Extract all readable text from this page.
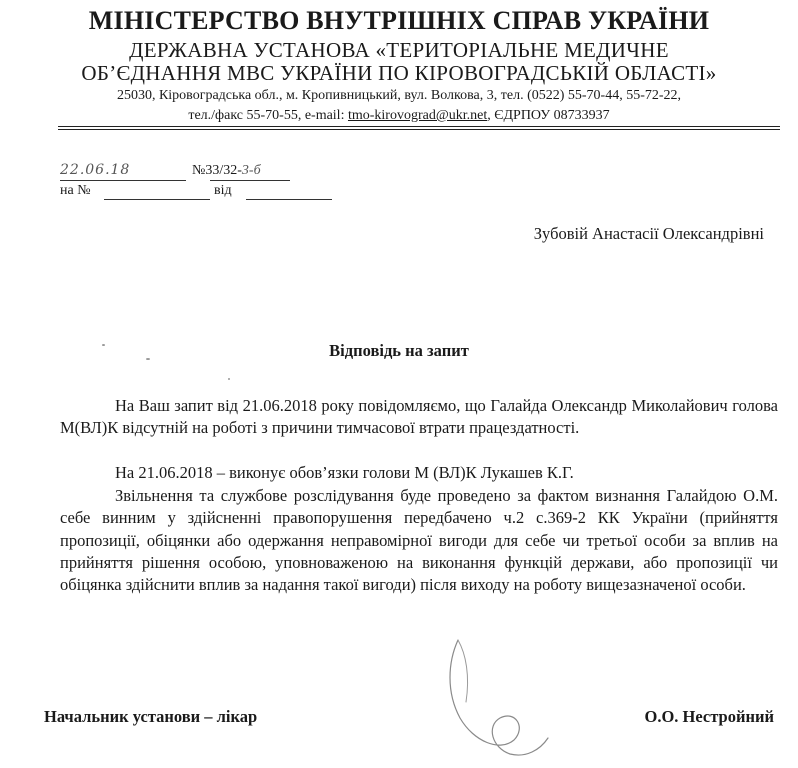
МІНІСТЕРСТВО ВНУТРІШНІХ СПРАВ УКРАЇНИ
ДЕРЖАВНА УСТАНОВА «ТЕРИТОРІАЛЬНЕ МЕДИЧНЕ
ОБ’ЄДНАННЯ МВС УКРАЇНИ ПО КІРОВОГРАДСЬКІЙ ОБЛАСТІ»
25030, Кіровоградська обл., м. Кропивницький, вул. Волкова, 3, тел. (0522) 55-70-44, 55-72-22,
тел./факс 55-70-55, e-mail: tmo-kirovograd@ukr.net, ЄДРПОУ 08733937
22.06.18	№33/32-3-б
на №	від
Зубовій Анастасії Олександрівні
Відповідь на запит
На Ваш запит від 21.06.2018 року повідомляємо, що Галайда Олександр Миколайович голова М(ВЛ)К відсутній на роботі з причини тимчасової втрати працездатності.
На 21.06.2018 – виконує обов’язки голови М (ВЛ)К Лукашев К.Г.
Звільнення та службове розслідування буде проведено за фактом визнання Галайдою О.М. себе винним у здійсненні правопорушення передбачено ч.2 с.369-2 КК України (прийняття пропозиції, обіцянки або одержання неправомірної вигоди для себе чи третьої особи за вплив на прийняття рішення особою, уповноваженою на виконання функцій держави, або пропозиції чи обіцянка здійснити вплив за надання такої вигоди) після виходу на роботу вищезазначеної особи.
Начальник установи – лікар	О.О. Нестройний
